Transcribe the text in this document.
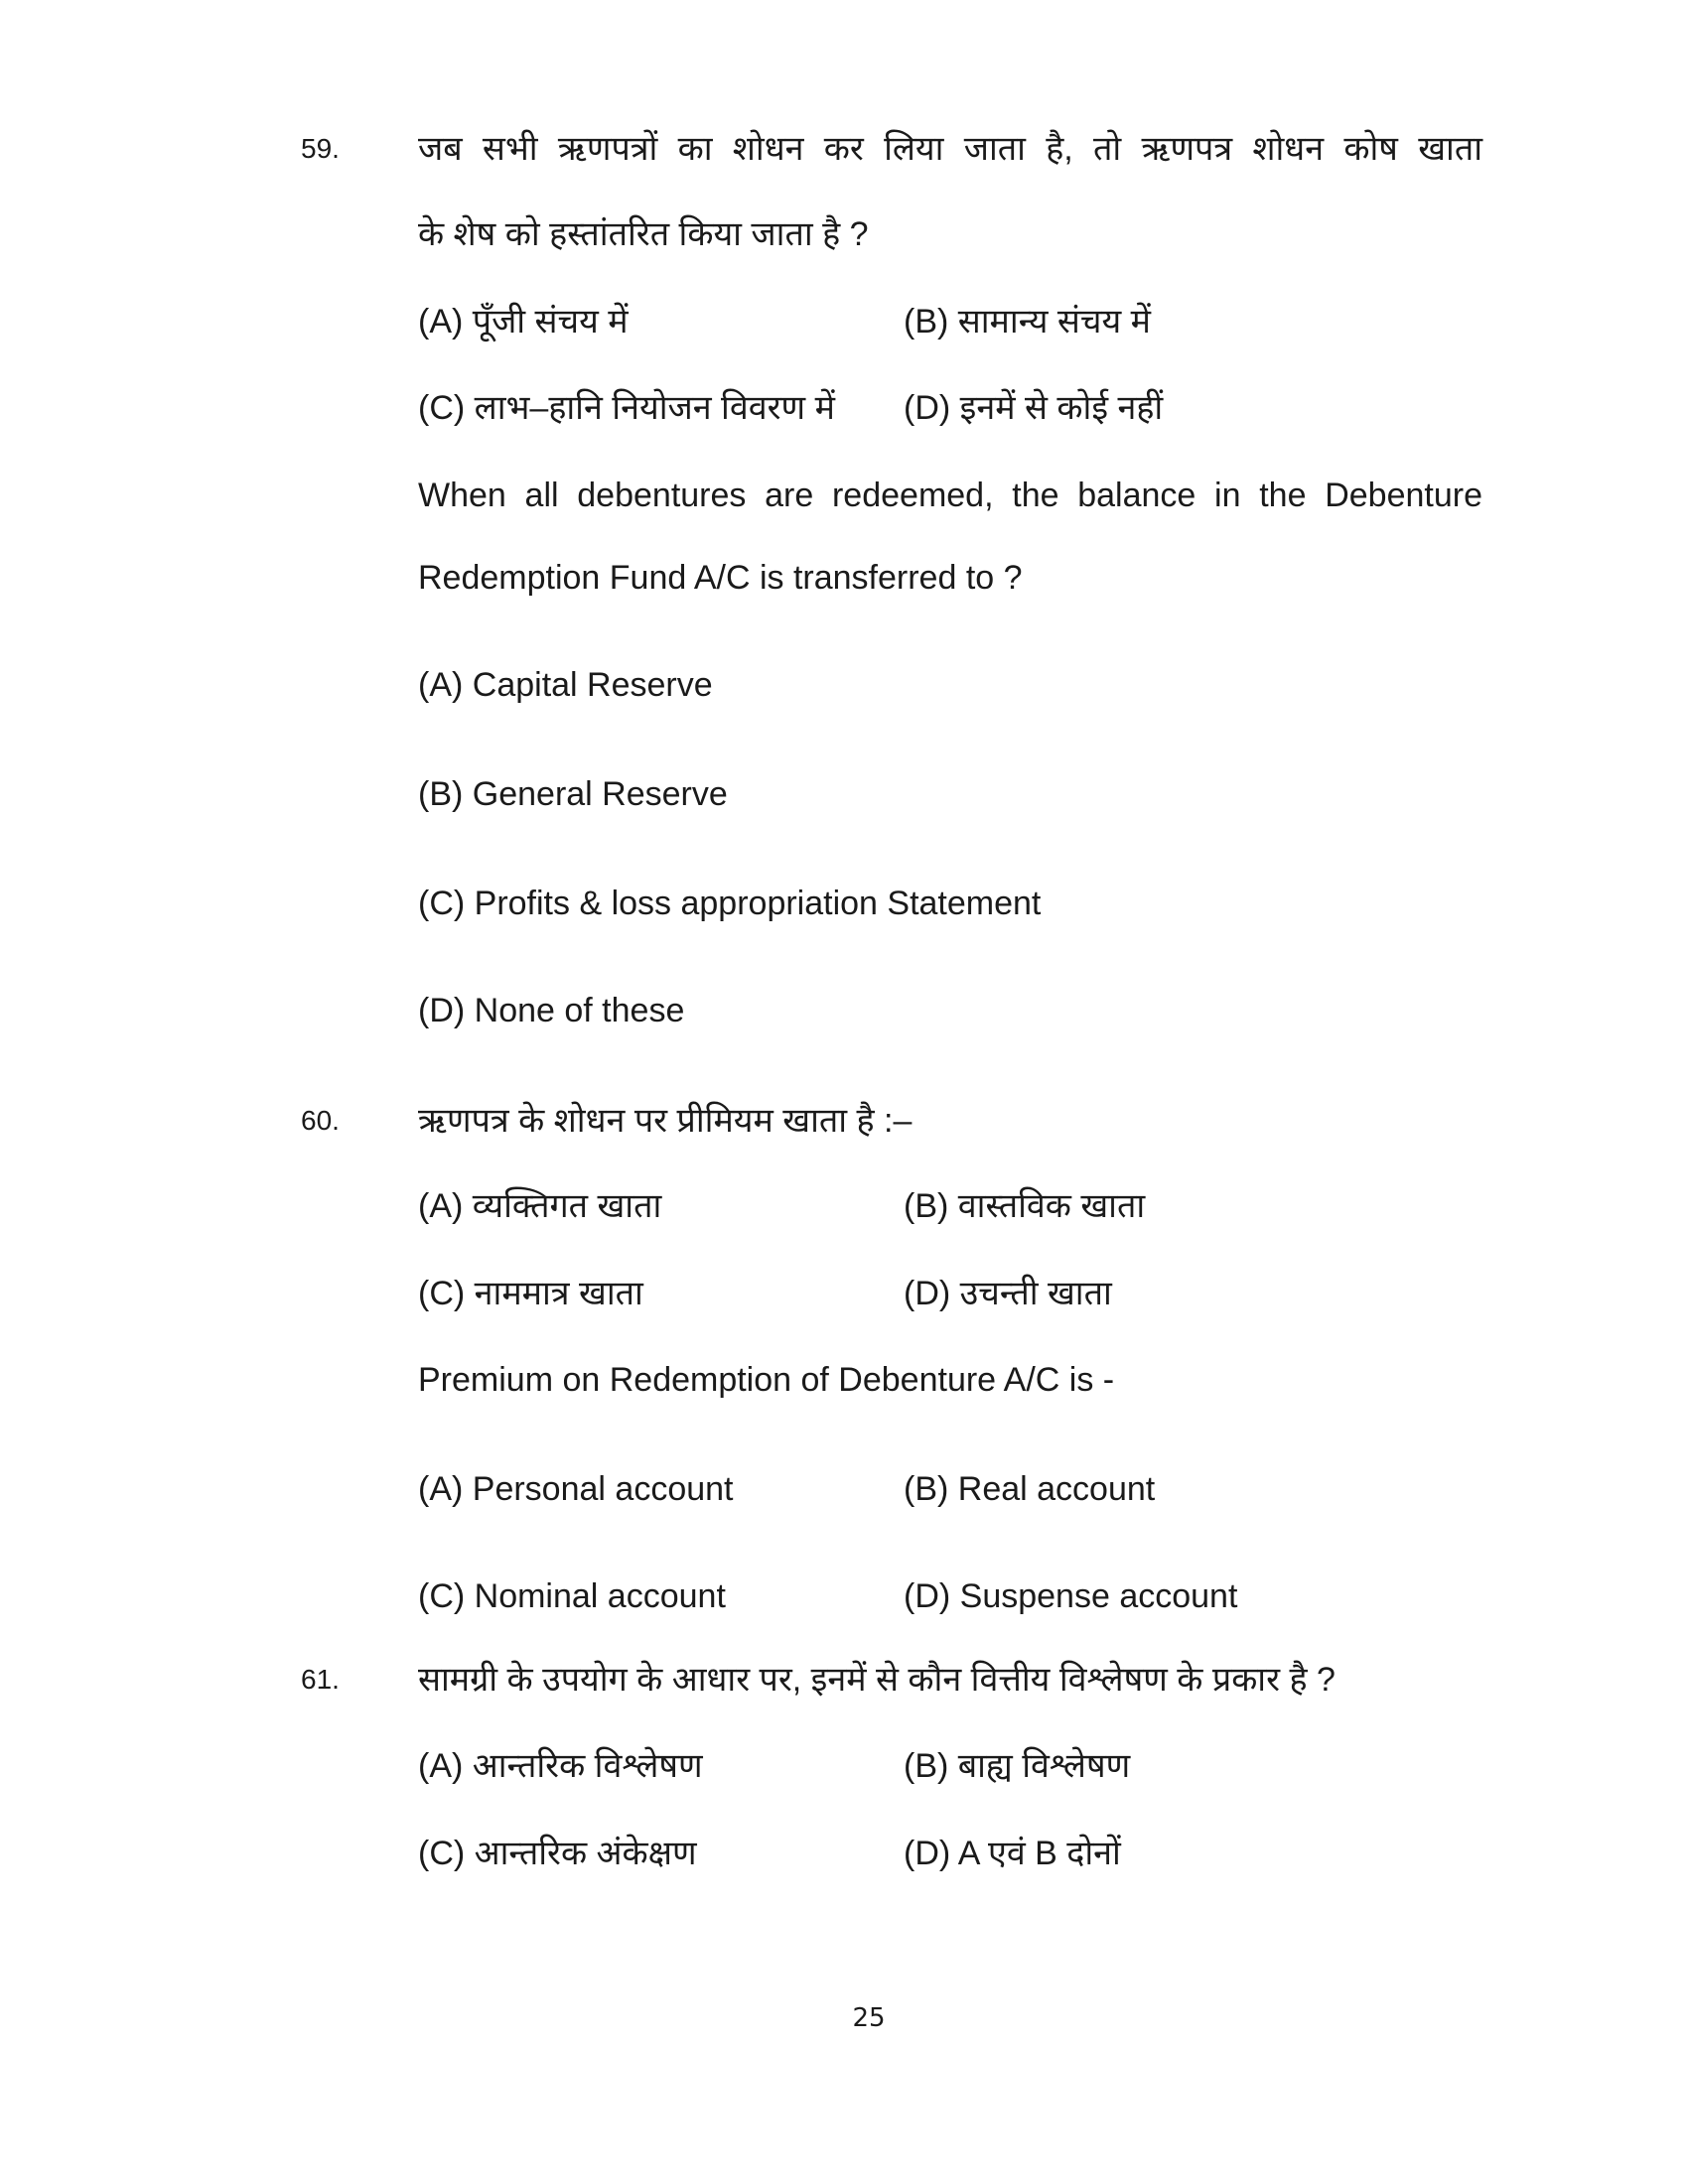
59. जब सभी ऋणपत्रों का शोधन कर लिया जाता है, तो ऋणपत्र शोधन कोष खाता
के शेष को हस्तांतरित किया जाता है ?
(A) पूँजी संचय में	(B) सामान्य संचय में
(C) लाभ–हानि नियोजन विवरण में (D) इनमें से कोई नहीं
When all debentures are redeemed, the balance in the Debenture
Redemption Fund A/C is transferred to ?
(A) Capital Reserve
(B) General Reserve
(C) Profits & loss appropriation Statement
(D) None of these
60. ऋणपत्र के शोधन पर प्रीमियम खाता है :–
(A) व्यक्तिगत खाता	(B) वास्तविक खाता
(C) नाममात्र खाता	(D) उचन्ती खाता
Premium on Redemption of Debenture A/C is -
(A) Personal account	(B) Real account
(C) Nominal account	(D) Suspense account
61. सामग्री के उपयोग के आधार पर, इनमें से कौन वित्तीय विश्लेषण के प्रकार है ?
(A) आन्तरिक विश्लेषण	(B) बाह्य विश्लेषण
(C) आन्तरिक अंकेक्षण	(D) A एवं B दोनों
25
